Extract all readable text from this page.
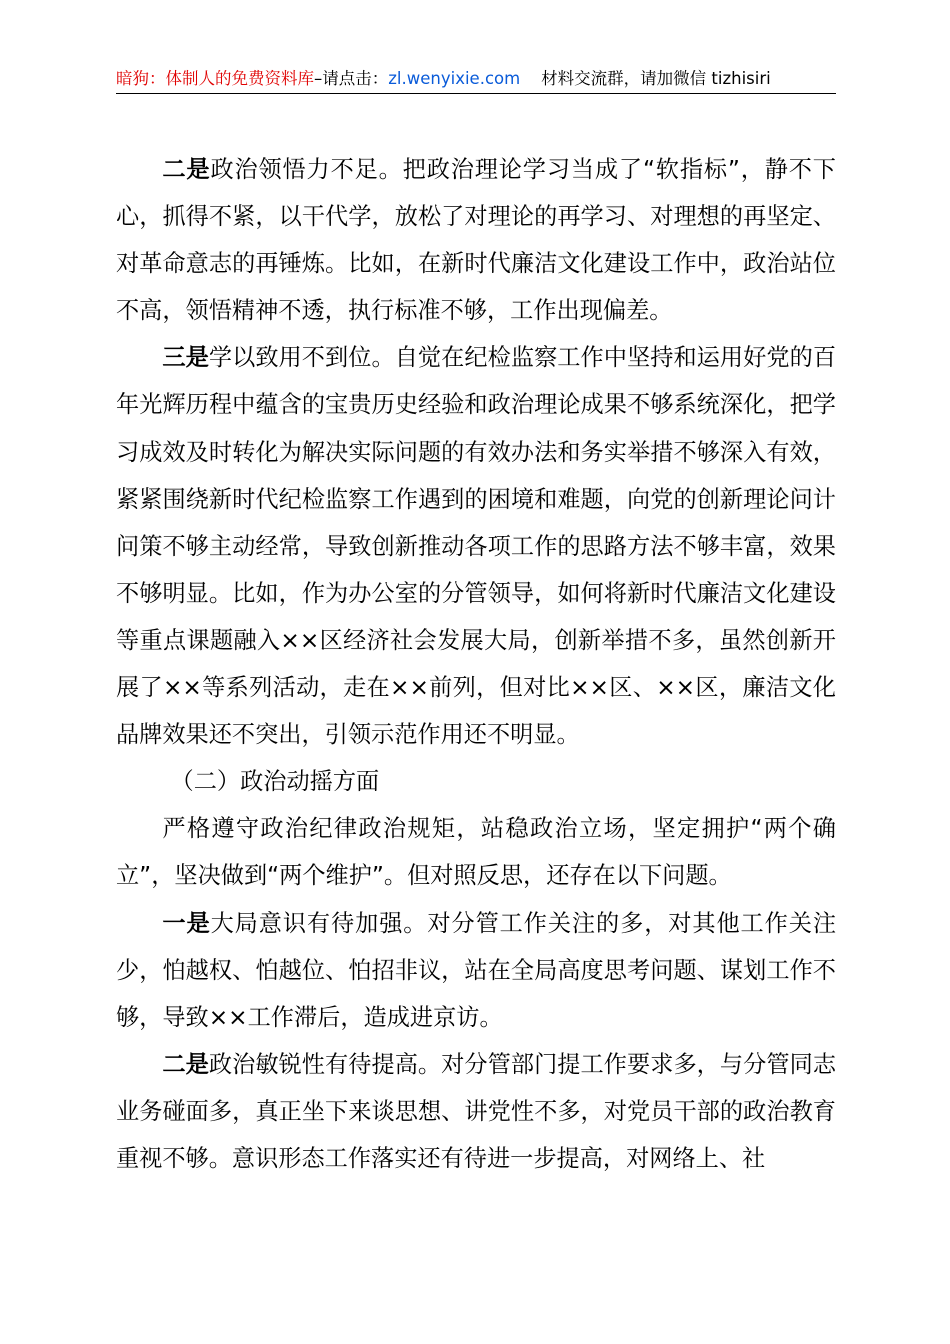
暗狗：体制人的免费资料库–请点击：zl.wenyixie.com 材料交流群，请加微信 tizhisiri

二是政治领悟力不足。把政治理论学习当成了“软指标”，静不下心，抓得不紧，以干代学，放松了对理论的再学习、对理想的再坚定、对革命意志的再锤炼。比如，在新时代廉洁文化建设工作中，政治站位不高，领悟精神不透，执行标准不够，工作出现偏差。

三是学以致用不到位。自觉在纪检监察工作中坚持和运用好党的百年光辉历程中蕴含的宝贵历史经验和政治理论成果不够系统深化，把学习成效及时转化为解决实际问题的有效办法和务实举措不够深入有效，紧紧围绕新时代纪检监察工作遇到的困境和难题，向党的创新理论问计问策不够主动经常，导致创新推动各项工作的思路方法不够丰富，效果不够明显。比如，作为办公室的分管领导，如何将新时代廉洁文化建设等重点课题融入××区经济社会发展大局，创新举措不多，虽然创新开展了××等系列活动，走在××前列，但对比××区、××区，廉洁文化品牌效果还不突出，引领示范作用还不明显。

（二）政治动摇方面

严格遵守政治纪律政治规矩，站稳政治立场，坚定拥护“两个确立”，坚决做到“两个维护”。但对照反思，还存在以下问题。

一是大局意识有待加强。对分管工作关注的多，对其他工作关注少，怕越权、怕越位、怕招非议，站在全局高度思考问题、谋划工作不够，导致××工作滞后，造成进京访。

二是政治敏锐性有待提高。对分管部门提工作要求多，与分管同志业务碰面多，真正坐下来谈思想、讲党性不多，对党员干部的政治教育重视不够。意识形态工作落实还有待进一步提高，对网络上、社
